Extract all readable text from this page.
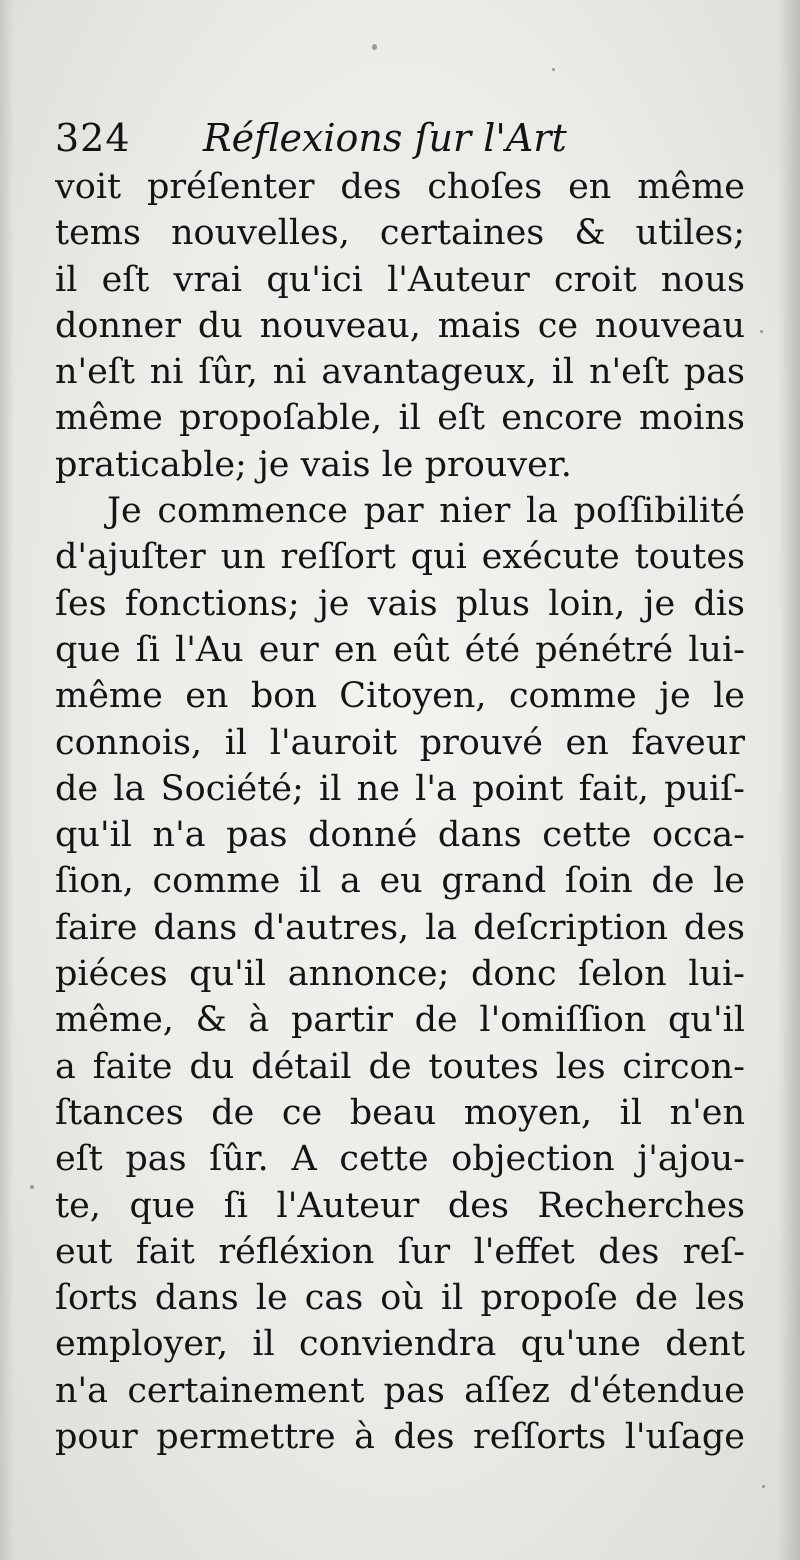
324 Réflexions ſur l'Art
voit préſenter des choſes en même
tems nouvelles, certaines & utiles;
il eſt vrai qu'ici l'Auteur croit nous
donner du nouveau, mais ce nouveau
n'eſt ni ſûr, ni avantageux, il n'eſt pas
même propoſable, il eſt encore moins
praticable; je vais le prouver.
Je commence par nier la poſſibilité
d'ajuſter un reſſort qui exécute toutes
ſes fonctions; je vais plus loin, je dis
que ſi l'Au eur en eût été pénétré lui-
même en bon Citoyen, comme je le
connois, il l'auroit prouvé en faveur
de la Société; il ne l'a point fait, puiſ-
qu'il n'a pas donné dans cette occa-
ſion, comme il a eu grand ſoin de le
faire dans d'autres, la deſcription des
piéces qu'il annonce; donc ſelon lui-
même, & à partir de l'omiſſion qu'il
a faite du détail de toutes les circon-
ſtances de ce beau moyen, il n'en
eſt pas ſûr. A cette objection j'ajou-
te, que ſi l'Auteur des Recherches
eut fait réfléxion ſur l'effet des reſ-
ſorts dans le cas où il propoſe de les
employer, il conviendra qu'une dent
n'a certainement pas aſſez d'étendue
pour permettre à des reſſorts l'uſage
